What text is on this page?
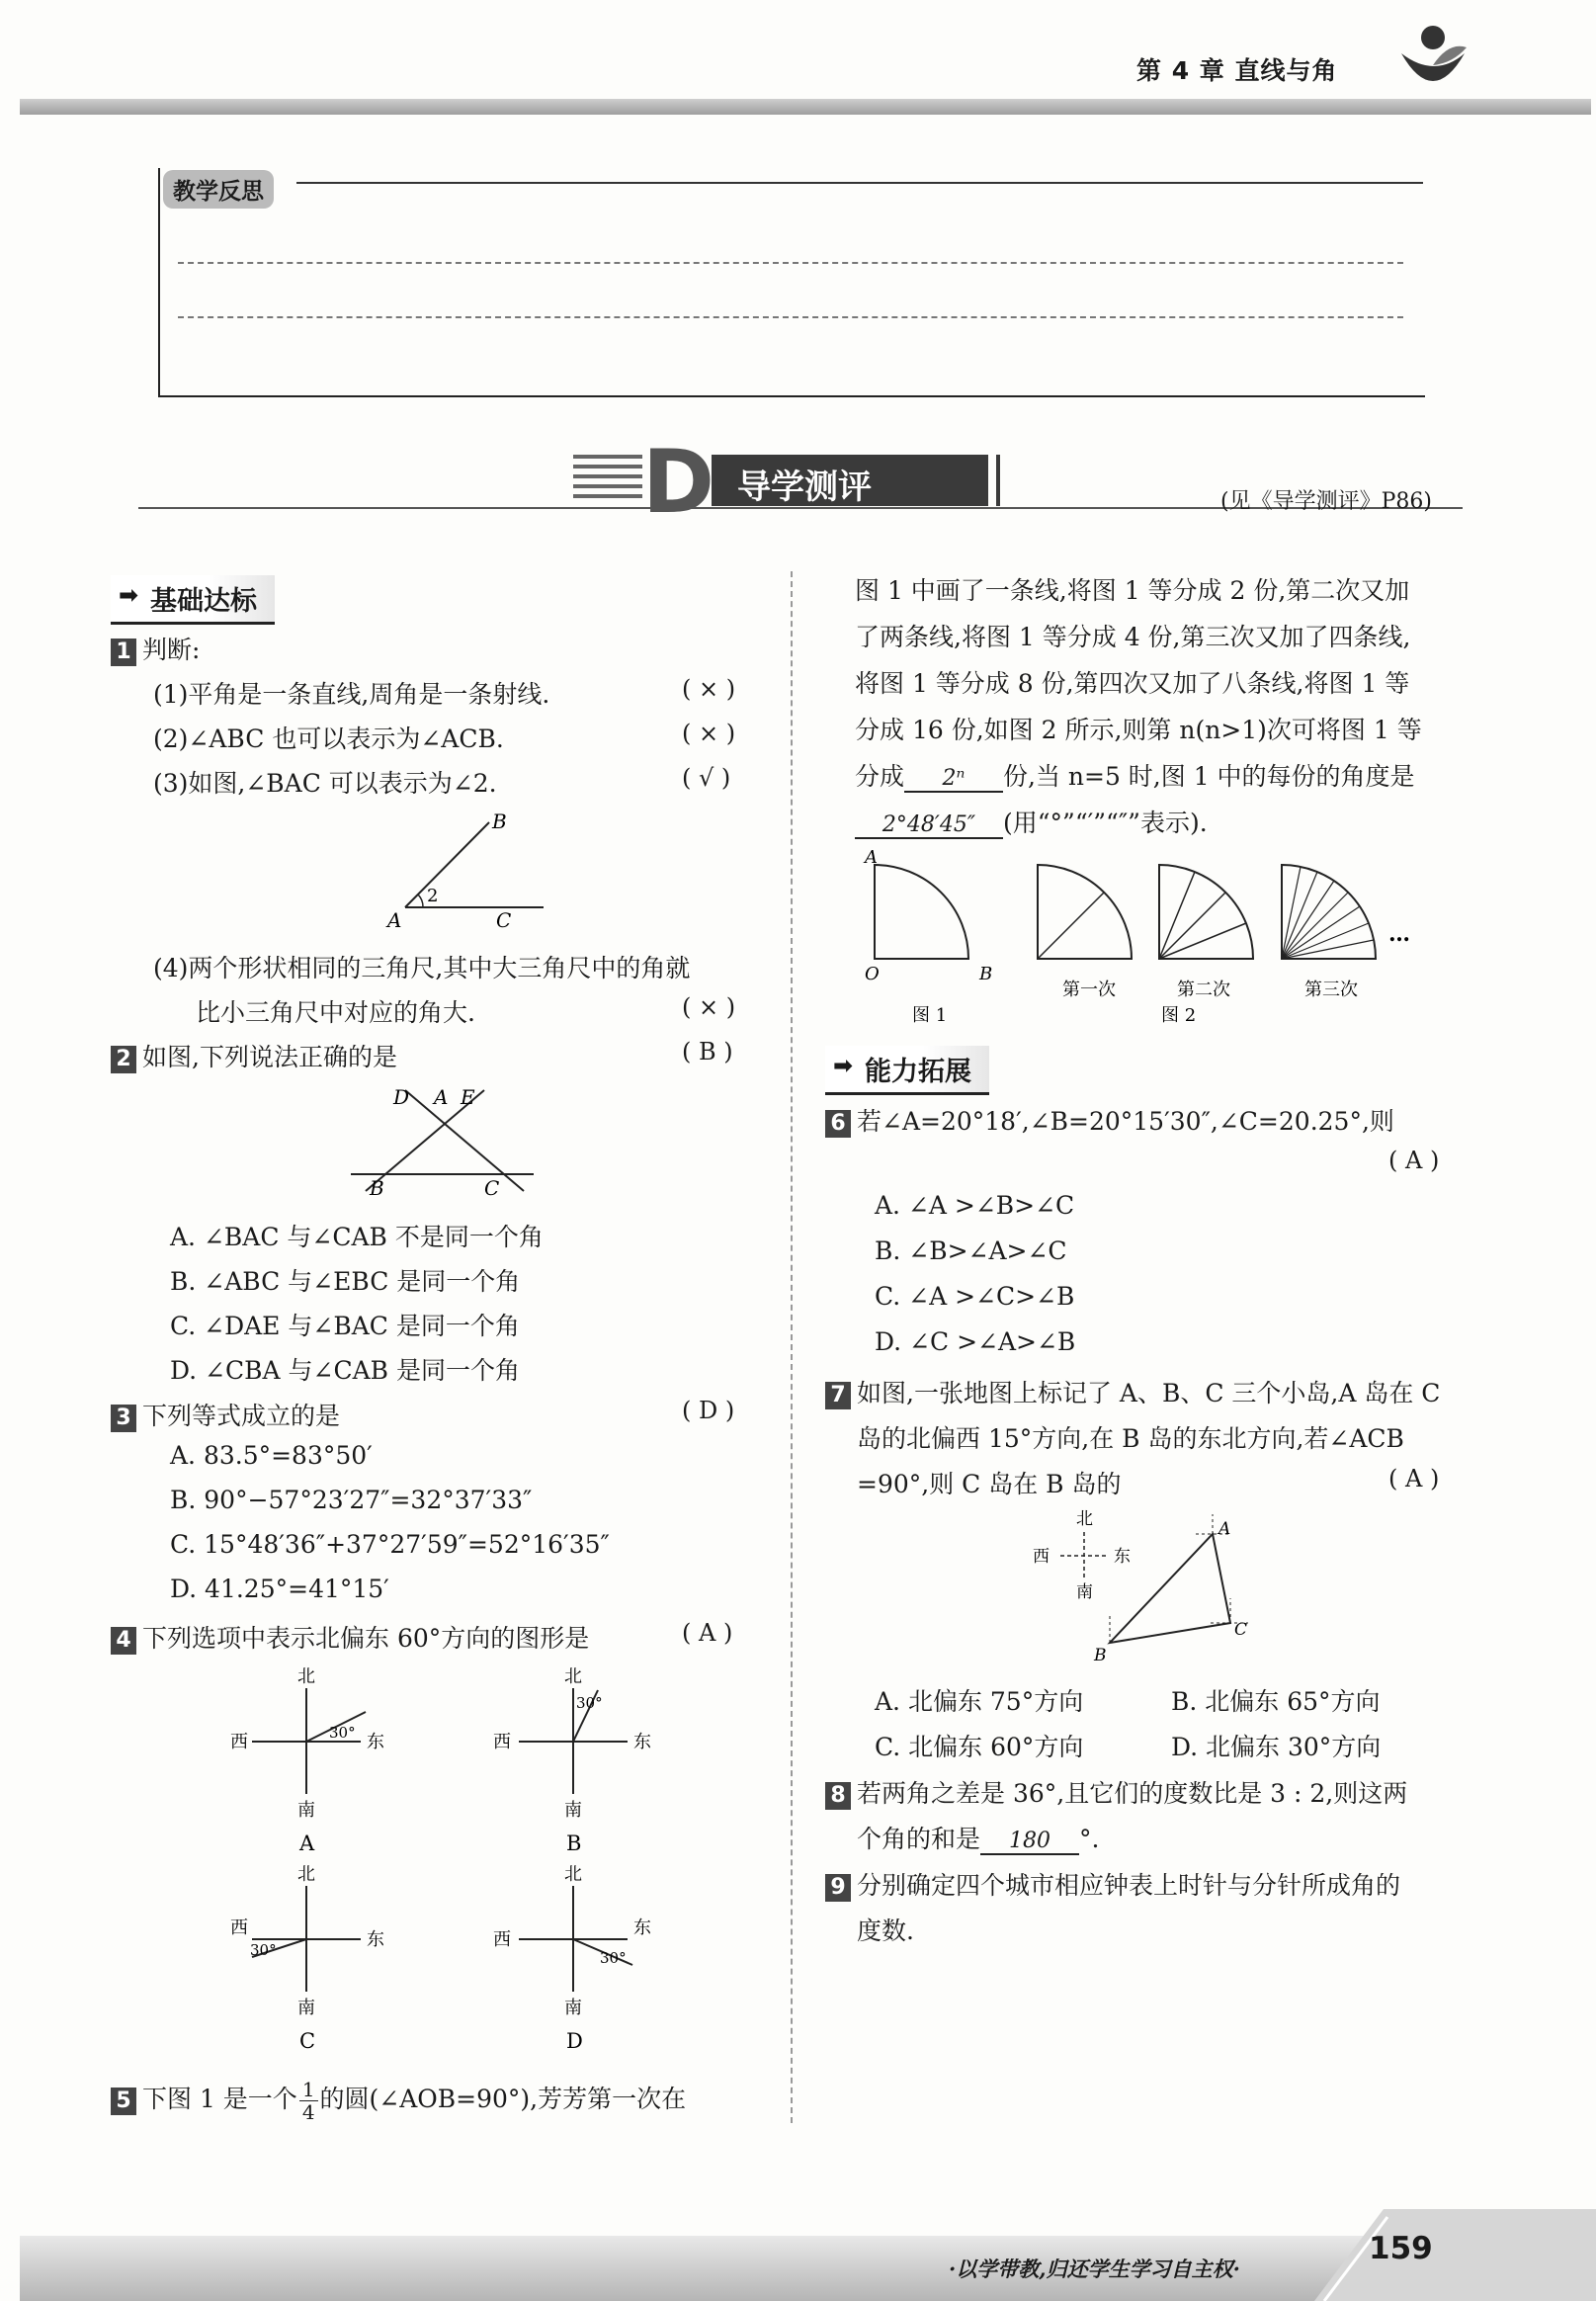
第 4 章 直线与角
教学反思
D 导学测评	(见《导学测评》P86)
➡ 基础达标
1 判断:
(1)平角是一条直线,周角是一条射线.	( × )
(2)∠ABC 也可以表示为∠ACB.	( × )
(3)如图,∠BAC 可以表示为∠2.	( √ )
A
B
C
2
(4)两个形状相同的三角尺,其中大三角尺中的角就
比小三角尺中对应的角大.	( × )
2 如图,下列说法正确的是	( B )
D A E
B	C
A. ∠BAC 与∠CAB 不是同一个角
B. ∠ABC 与∠EBC 是同一个角
C. ∠DAE 与∠BAC 是同一个角
D. ∠CBA 与∠CAB 是同一个角
3 下列等式成立的是	( D )
A. 83.5°=83°50′
B. 90°−57°23′27″=32°37′33″
C. 15°48′36″+37°27′59″=52°16′35″
D. 41.25°=41°15′
4 下列选项中表示北偏东 60°方向的图形是	( A )
北
南
西	东
30°
A
北
南
西	东
30°
B
北
南
西
东
30°
C
北
南
西
东
30°
D
5 下图 1 是一个 $\frac{1}{4}$ 的圆(∠AOB=90°),芳芳第一次在
图 1 中画了一条线,将图 1 等分成 2 份,第二次又加
了两条线,将图 1 等分成 4 份,第三次又加了四条线,
将图 1 等分成 8 份,第四次又加了八条线,将图 1 等
分成 16 份,如图 2 所示,则第 n(n>1)次可将图 1 等
分成 2ⁿ 份,当 n=5 时,图 1 中的每份的角度是
2°48′45″ (用“°”“′”“″”表示).
A
O	B
图 1
第一次	第二次	第三次
…
图 2
➡ 能力拓展
6 若∠A=20°18′,∠B=20°15′30″,∠C=20.25°,则
( A )
A. ∠A >∠B>∠C
B. ∠B>∠A>∠C
C. ∠A >∠C>∠B
D. ∠C >∠A>∠B
7 如图,一张地图上标记了 A、B、C 三个小岛,A 岛在 C
岛的北偏西 15°方向,在 B 岛的东北方向,若∠ACB
=90°,则 C 岛在 B 岛的	( A )
北
南
西	东
A
B
C
A. 北偏东 75°方向	B. 北偏东 65°方向
C. 北偏东 60°方向	D. 北偏东 30°方向
8 若两角之差是 36°,且它们的度数比是 3 : 2,则这两
个角的和是 180 °.
9 分别确定四个城市相应钟表上时针与分针所成角的
度数.
·以学带教,归还学生学习自主权·
159
